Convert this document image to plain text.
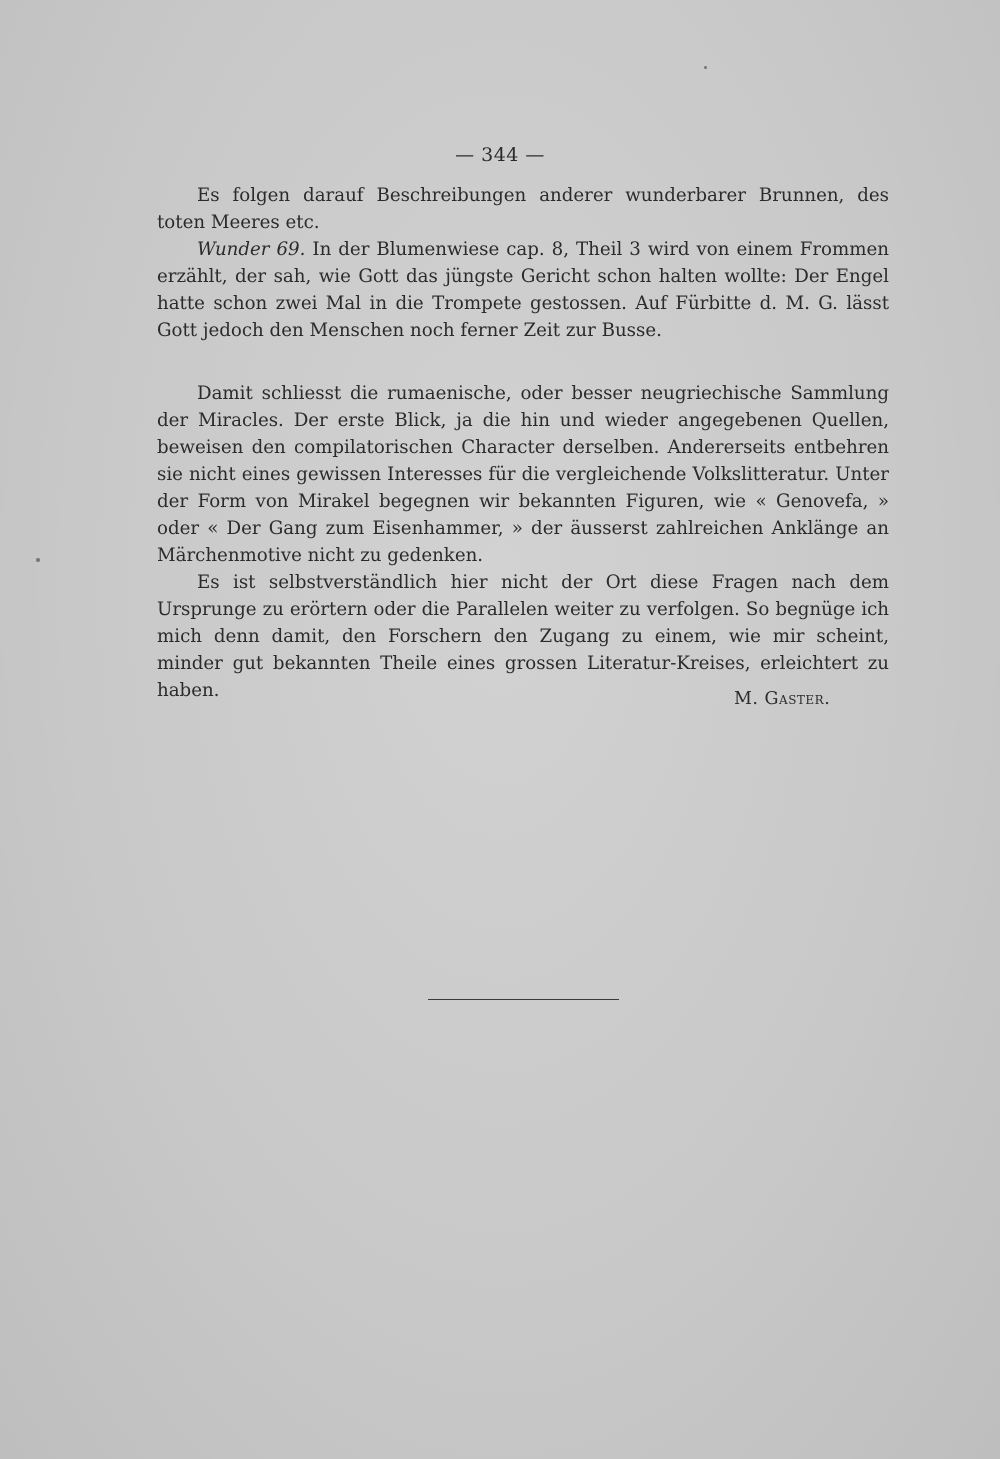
— 344 —

Es folgen darauf Beschreibungen anderer wunderbarer Brunnen, des toten Meeres etc.

Wunder 69. In der Blumenwiese cap. 8, Theil 3 wird von einem Frommen erzählt, der sah, wie Gott das jüngste Gericht schon halten wollte: Der Engel hatte schon zwei Mal in die Trompete gestossen. Auf Fürbitte d. M. G. lässt Gott jedoch den Menschen noch ferner Zeit zur Busse.

Damit schliesst die rumaenische, oder besser neugriechische Sammlung der Miracles. Der erste Blick, ja die hin und wieder angegebenen Quellen, beweisen den compilatorischen Character derselben. Andererseits entbehren sie nicht eines gewissen Interesses für die vergleichende Volkslitteratur. Unter der Form von Mirakel begegnen wir bekannten Figuren, wie « Genovefa, » oder « Der Gang zum Eisenhammer, » der äusserst zahlreichen Anklänge an Märchenmotive nicht zu gedenken.

Es ist selbstverständlich hier nicht der Ort diese Fragen nach dem Ursprunge zu erörtern oder die Parallelen weiter zu verfolgen. So begnüge ich mich denn damit, den Forschern den Zugang zu einem, wie mir scheint, minder gut bekannten Theile eines grossen Literatur-Kreises, erleichtert zu haben.	M. Gaster.
